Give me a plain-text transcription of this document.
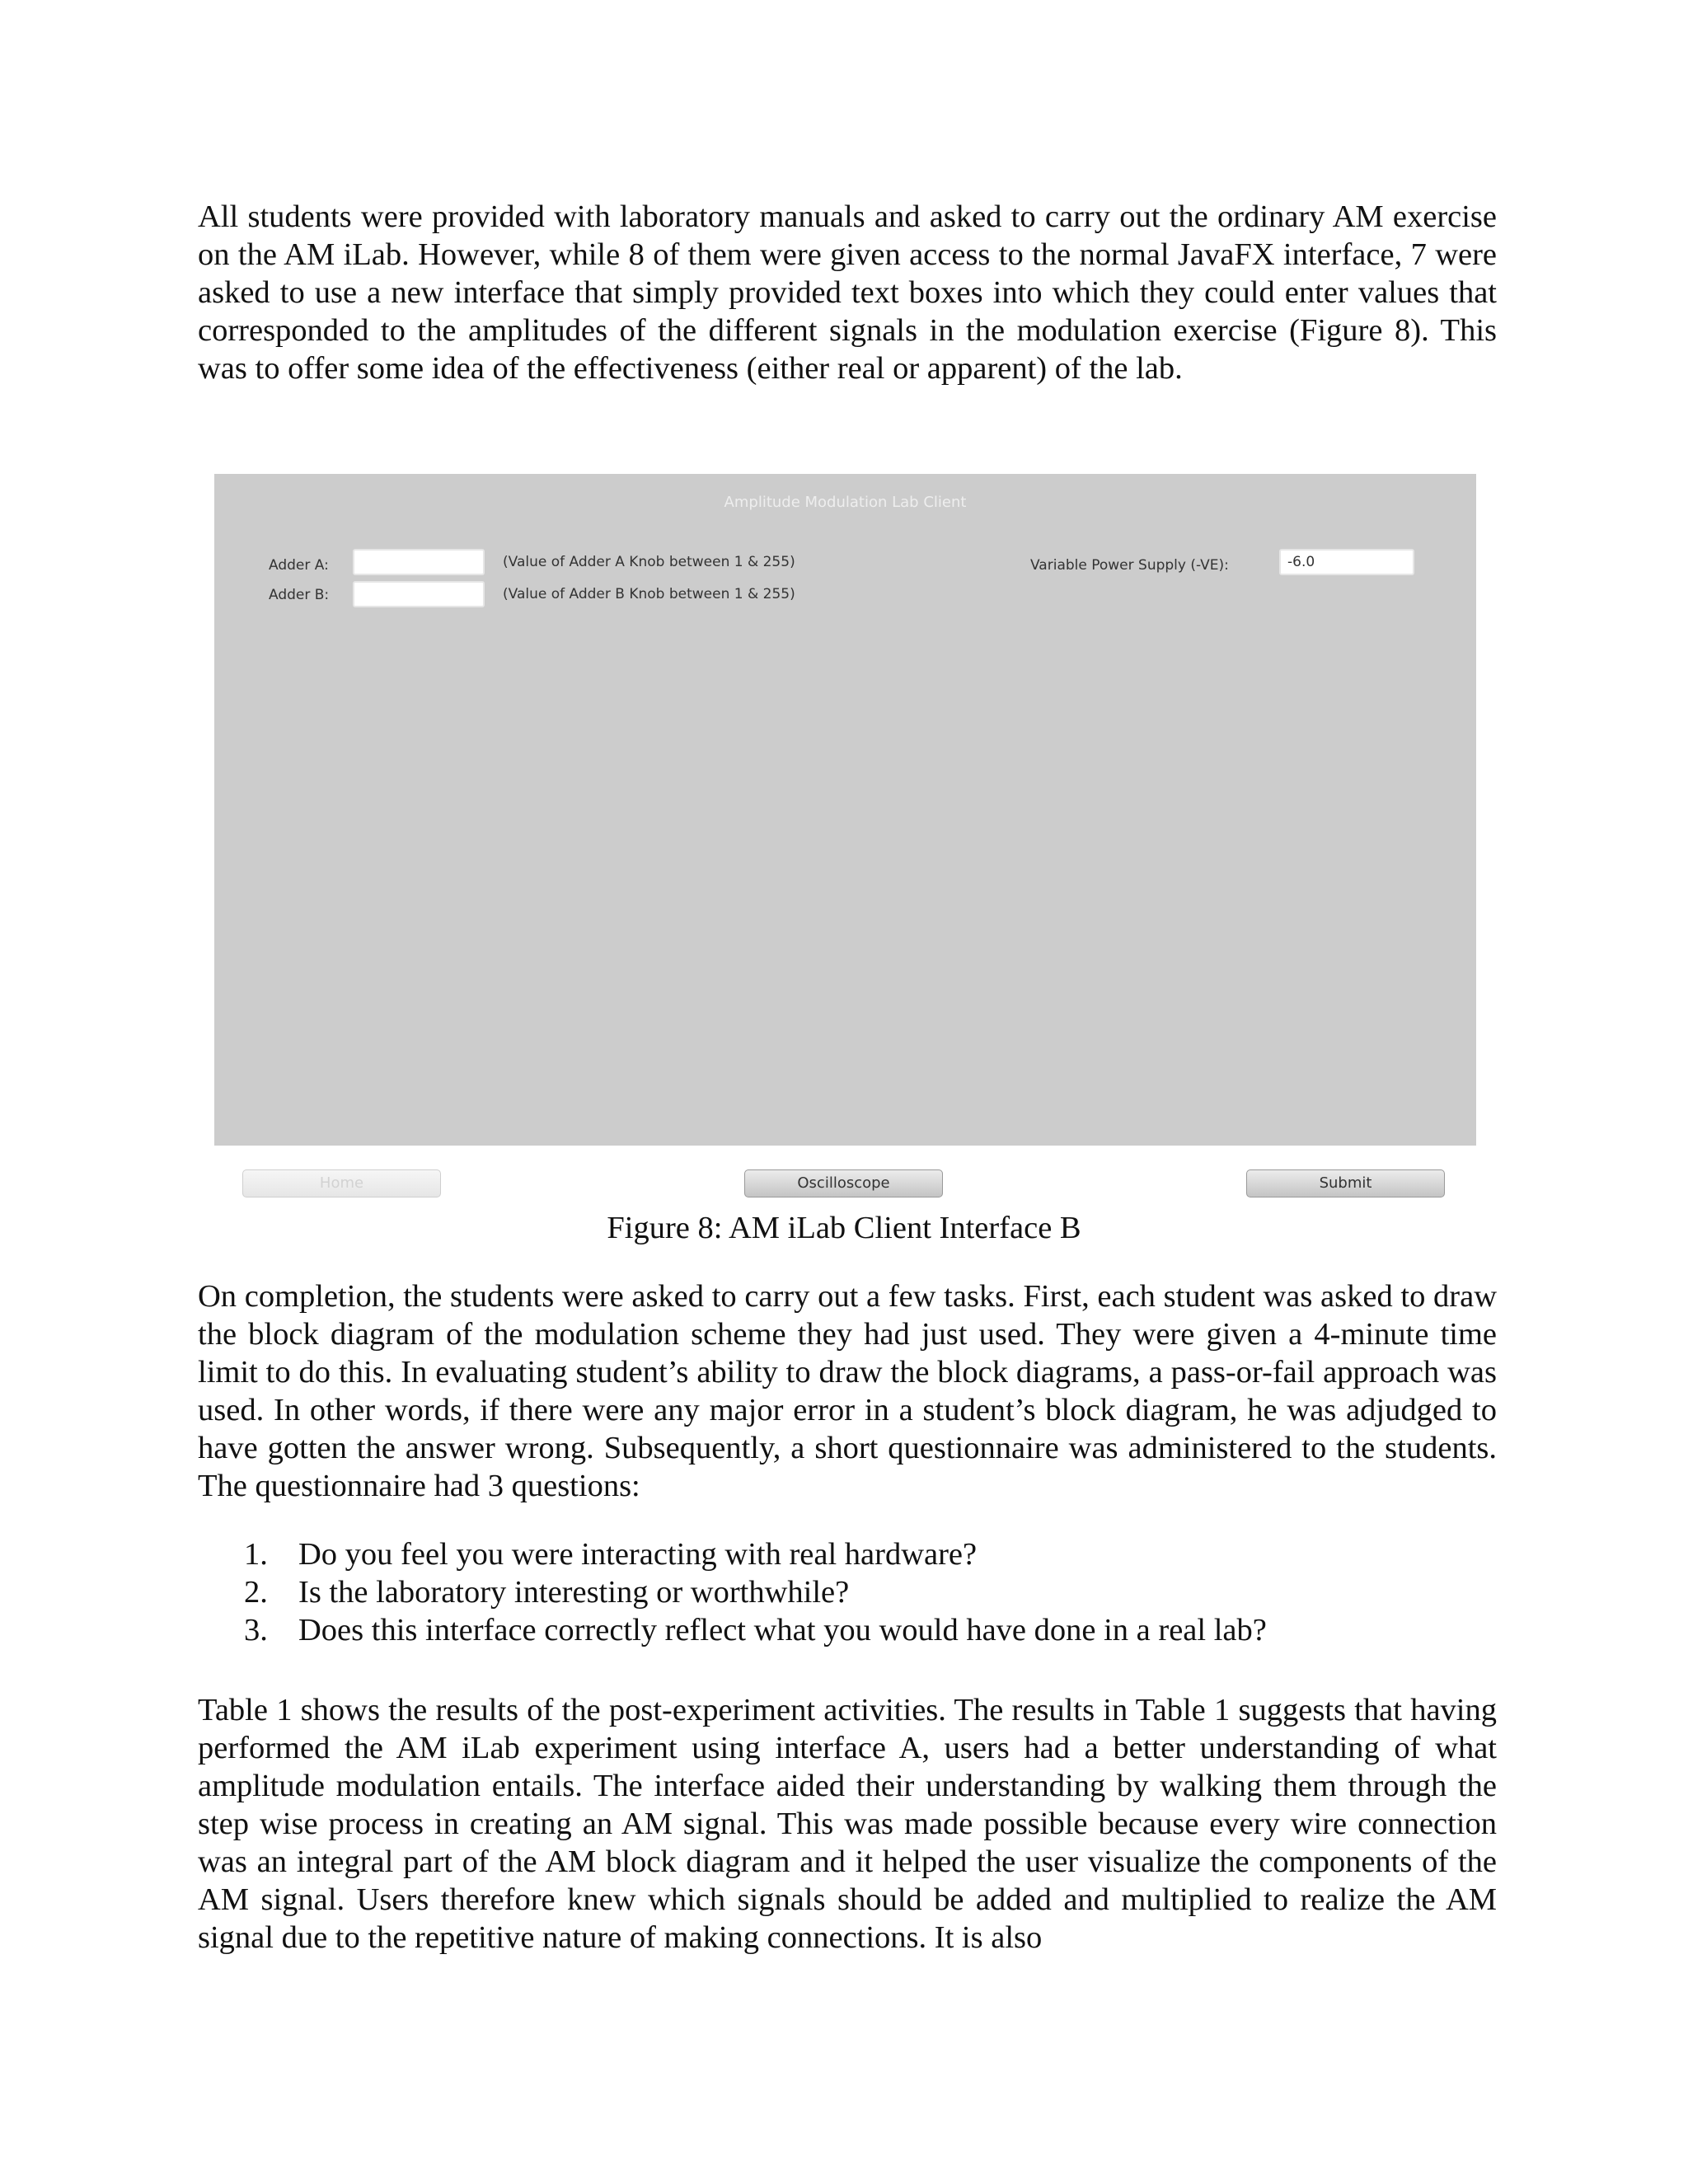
All students were provided with laboratory manuals and asked to carry out the ordinary AM exercise on the AM iLab. However, while 8 of them were given access to the normal JavaFX interface, 7 were asked to use a new interface that simply provided text boxes into which they could enter values that corresponded to the amplitudes of the different signals in the modulation exercise (Figure 8). This was to offer some idea of the effectiveness (either real or apparent) of the lab.

Amplitude Modulation Lab Client
Adder A:	(Value of Adder A Knob between 1 & 255)
Adder B:	(Value of Adder B Knob between 1 & 255)
Variable Power Supply (-VE):
-6.0
Home	Oscilloscope	Submit
Figure 8: AM iLab Client Interface B

On completion, the students were asked to carry out a few tasks. First, each student was asked to draw the block diagram of the modulation scheme they had just used. They were given a 4-minute time limit to do this. In evaluating student’s ability to draw the block diagrams, a pass-or-fail approach was used. In other words, if there were any major error in a student’s block diagram, he was adjudged to have gotten the answer wrong. Subsequently, a short questionnaire was administered to the students. The questionnaire had 3 questions:

1. Do you feel you were interacting with real hardware?
2. Is the laboratory interesting or worthwhile?
3. Does this interface correctly reflect what you would have done in a real lab?

Table 1 shows the results of the post-experiment activities. The results in Table 1 suggests that having performed the AM iLab experiment using interface A, users had a better understanding of what amplitude modulation entails. The interface aided their understanding by walking them through the step wise process in creating an AM signal. This was made possible because every wire connection was an integral part of the AM block diagram and it helped the user visualize the components of the AM signal. Users therefore knew which signals should be added and multiplied to realize the AM signal due to the repetitive nature of making connections. It is also
